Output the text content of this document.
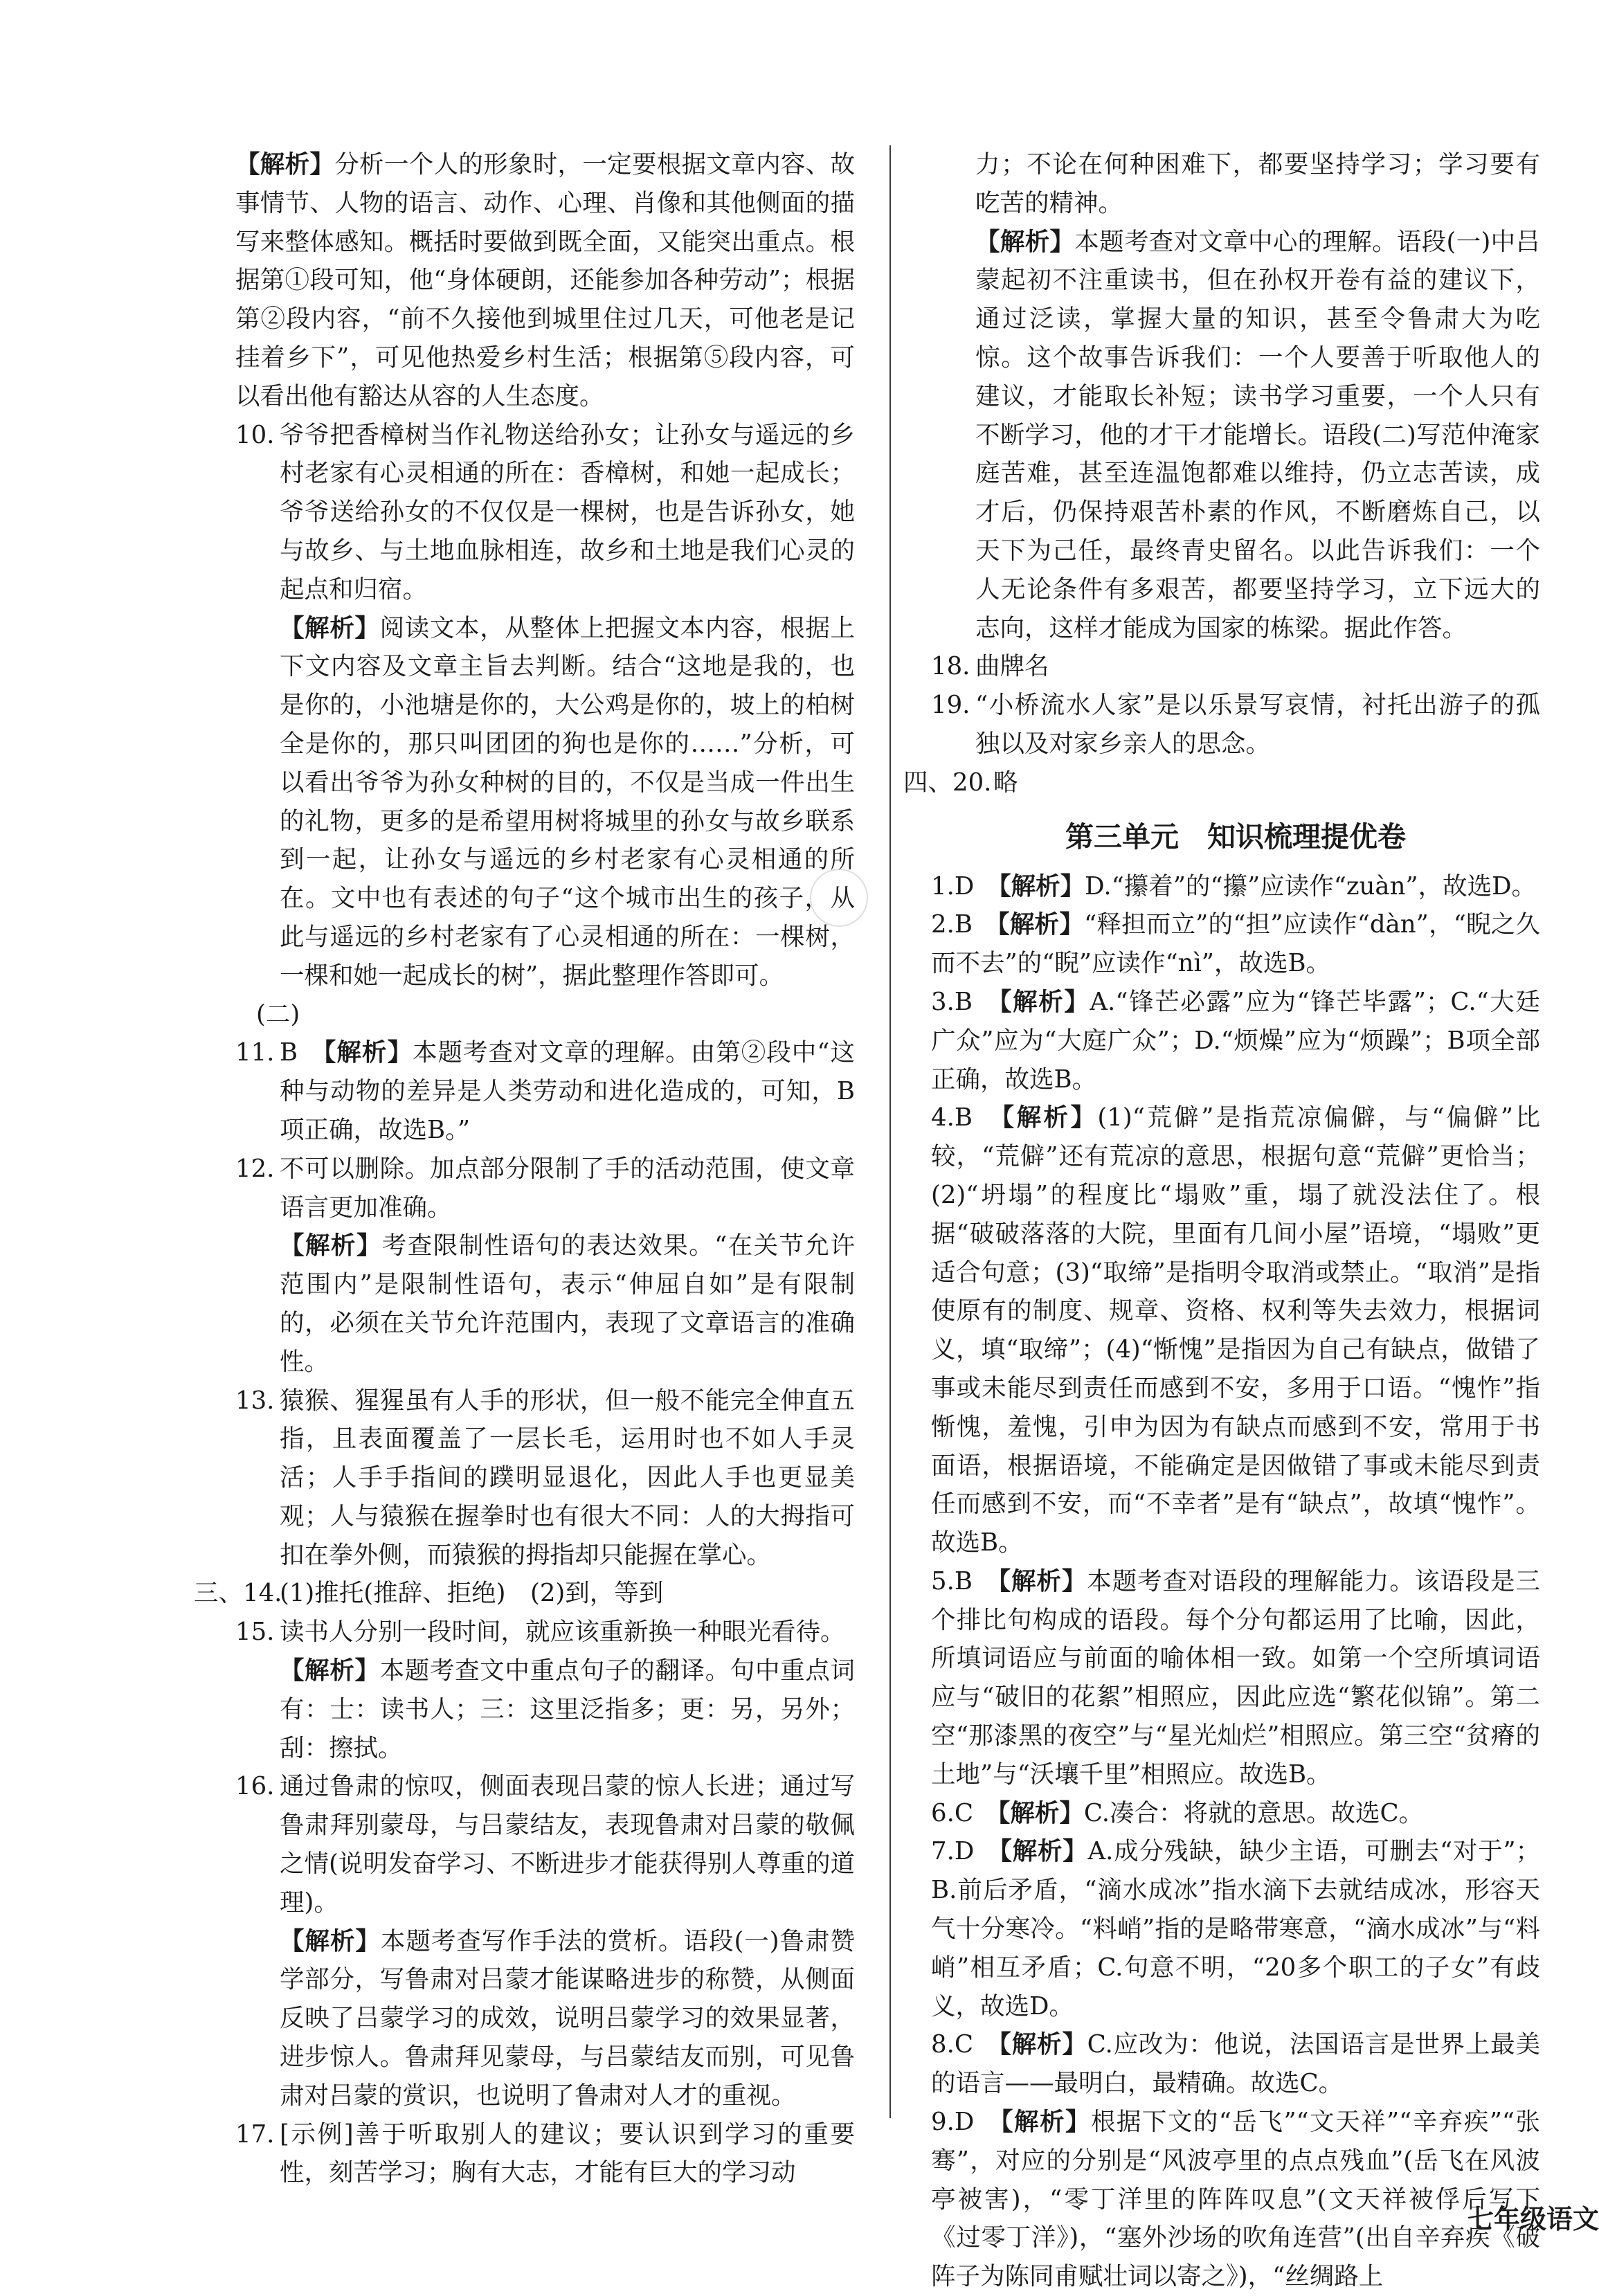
【解析】分析一个人的形象时，一定要根据文章内容、故事情节、人物的语言、动作、心理、肖像和其他侧面的描写来整体感知。概括时要做到既全面，又能突出重点。根据第①段可知，他“身体硬朗，还能参加各种劳动”；根据第②段内容，“前不久接他到城里住过几天，可他老是记挂着乡下”，可见他热爱乡村生活；根据第⑤段内容，可以看出他有豁达从容的人生态度。

10. 爷爷把香樟树当作礼物送给孙女；让孙女与遥远的乡村老家有心灵相通的所在：香樟树，和她一起成长；爷爷送给孙女的不仅仅是一棵树，也是告诉孙女，她与故乡、与土地血脉相连，故乡和土地是我们心灵的起点和归宿。

【解析】阅读文本，从整体上把握文本内容，根据上下文内容及文章主旨去判断。结合“这地是我的，也是你的，小池塘是你的，大公鸡是你的，坡上的柏树全是你的，那只叫团团的狗也是你的……”分析，可以看出爷爷为孙女种树的目的，不仅是当成一件出生的礼物，更多的是希望用树将城里的孙女与故乡联系到一起，让孙女与遥远的乡村老家有心灵相通的所在。文中也有表述的句子“这个城市出生的孩子，从此与遥远的乡村老家有了心灵相通的所在：一棵树，一棵和她一起成长的树”，据此整理作答即可。

(二)

11. B　 【解析】本题考查对文章的理解。由第②段中“这种与动物的差异是人类劳动和进化造成的，可知，B项正确，故选B。”
12. 不可以删除。加点部分限制了手的活动范围，使文章语言更加准确。

【解析】考查限制性语句的表达效果。“在关节允许范围内”是限制性语句，表示“伸屈自如”是有限制的，必须在关节允许范围内，表现了文章语言的准确性。

13. 猿猴、猩猩虽有人手的形状，但一般不能完全伸直五指，且表面覆盖了一层长毛，运用时也不如人手灵活；人手手指间的蹼明显退化，因此人手也更显美观；人与猿猴在握拳时也有很大不同：人的大拇指可扣在拳外侧，而猿猴的拇指却只能握在掌心。
三、14.
(1)推托(推辞、拒绝)　(2)到，等到
15. 读书人分别一段时间，就应该重新换一种眼光看待。

【解析】本题考查文中重点句子的翻译。句中重点词有：士：读书人；三：这里泛指多；更：另，另外；刮：擦拭。

16. 通过鲁肃的惊叹，侧面表现吕蒙的惊人长进；通过写鲁肃拜别蒙母，与吕蒙结友，表现鲁肃对吕蒙的敬佩之情(说明发奋学习、不断进步才能获得别人尊重的道理)。

【解析】本题考查写作手法的赏析。语段(一)鲁肃赞学部分，写鲁肃对吕蒙才能谋略进步的称赞，从侧面反映了吕蒙学习的成效，说明吕蒙学习的效果显著，进步惊人。鲁肃拜见蒙母，与吕蒙结友而别，可见鲁肃对吕蒙的赏识，也说明了鲁肃对人才的重视。

17. [示例]善于听取别人的建议；要认识到学习的重要性，刻苦学习；胸有大志，才能有巨大的学习动

力；不论在何种困难下，都要坚持学习；学习要有吃苦的精神。

【解析】本题考查对文章中心的理解。语段(一)中吕蒙起初不注重读书，但在孙权开卷有益的建议下，通过泛读，掌握大量的知识，甚至令鲁肃大为吃惊。这个故事告诉我们：一个人要善于听取他人的建议，才能取长补短；读书学习重要，一个人只有不断学习，他的才干才能增长。语段(二)写范仲淹家庭苦难，甚至连温饱都难以维持，仍立志苦读，成才后，仍保持艰苦朴素的作风，不断磨炼自己，以天下为己任，最终青史留名。以此告诉我们：一个人无论条件有多艰苦，都要坚持学习，立下远大的志向，这样才能成为国家的栋梁。据此作答。

18. 曲牌名
19. “小桥流水人家”是以乐景写哀情，衬托出游子的孤独以及对家乡亲人的思念。
四、20. 略
第三单元　知识梳理提优卷
1.D　 【解析】D.“攥着”的“攥”应读作“zuàn”，故选D。
2.B　 【解析】“释担而立”的“担”应读作“dàn”，“睨之久而不去”的“睨”应读作“nì”，故选B。
3.B　 【解析】A.“锋芒必露”应为“锋芒毕露”；C.“大廷广众”应为“大庭广众”；D.“烦燥”应为“烦躁”；B项全部正确，故选B。
4.B　 【解析】(1)“荒僻”是指荒凉偏僻，与“偏僻”比较，“荒僻”还有荒凉的意思，根据句意“荒僻”更恰当；(2)“坍塌”的程度比“塌败”重，塌了就没法住了。根据“破破落落的大院，里面有几间小屋”语境，“塌败”更适合句意；(3)“取缔”是指明令取消或禁止。“取消”是指使原有的制度、规章、资格、权利等失去效力，根据词义，填“取缔”；(4)“惭愧”是指因为自己有缺点，做错了事或未能尽到责任而感到不安，多用于口语。“愧怍”指惭愧，羞愧，引申为因为有缺点而感到不安，常用于书面语，根据语境，不能确定是因做错了事或未能尽到责任而感到不安，而“不幸者”是有“缺点”，故填“愧怍”。故选B。
5.B　 【解析】本题考查对语段的理解能力。该语段是三个排比句构成的语段。每个分句都运用了比喻，因此，所填词语应与前面的喻体相一致。如第一个空所填词语应与“破旧的花絮”相照应，因此应选“繁花似锦”。第二空“那漆黑的夜空”与“星光灿烂”相照应。第三空“贫瘠的土地”与“沃壤千里”相照应。故选B。
6.C　 【解析】C.凑合：将就的意思。故选C。
7.D　 【解析】A.成分残缺，缺少主语，可删去“对于”；B.前后矛盾，“滴水成冰”指水滴下去就结成冰，形容天气十分寒冷。“料峭”指的是略带寒意，“滴水成冰”与“料峭”相互矛盾；C.句意不明，“20多个职工的子女”有歧义，故选D。
8.C　 【解析】C.应改为：他说，法国语言是世界上最美的语言——最明白，最精确。故选C。
9.D　 【解析】根据下文的“岳飞”“文天祥”“辛弃疾”“张骞”，对应的分别是“风波亭里的点点残血”(岳飞在风波亭被害)，“零丁洋里的阵阵叹息”(文天祥被俘后写下《过零丁洋》)，“塞外沙场的吹角连营”(出自辛弃疾《破阵子为陈同甫赋壮词以寄之》)，“丝绸路上
七年级语文
